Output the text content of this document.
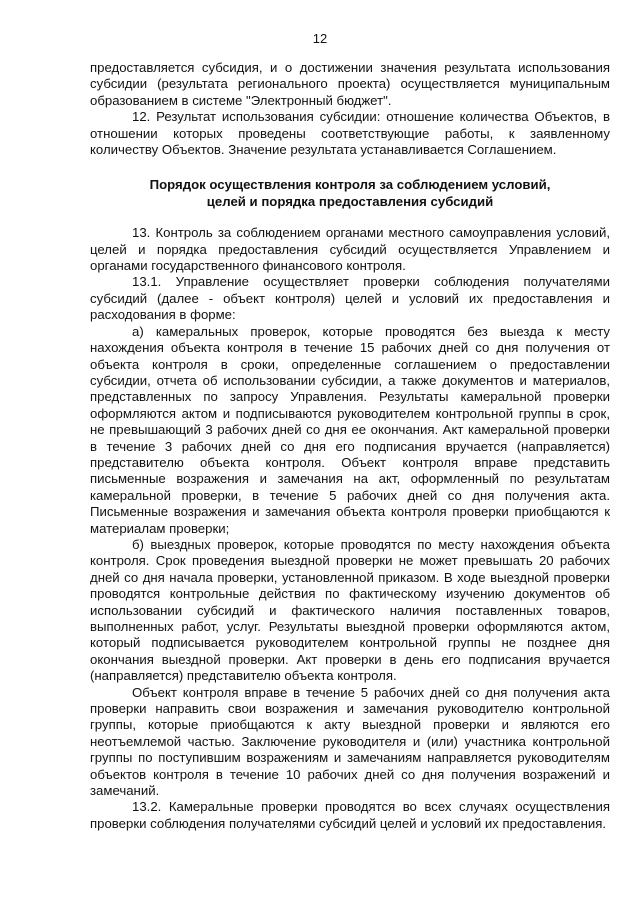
12

предоставляется субсидия, и о достижении значения результата использования субсидии (результата регионального проекта) осуществляется муниципальным образованием в системе "Электронный бюджет".

12. Результат использования субсидии: отношение количества Объектов, в отношении которых проведены соответствующие работы, к заявленному количеству Объектов. Значение результата устанавливается Соглашением.

Порядок осуществления контроля за соблюдением условий,
целей и порядка предоставления субсидий

13. Контроль за соблюдением органами местного самоуправления условий, целей и порядка предоставления субсидий осуществляется Управлением и органами государственного финансового контроля.

13.1. Управление осуществляет проверки соблюдения получателями субсидий (далее - объект контроля) целей и условий их предоставления и расходования в форме:

а) камеральных проверок, которые проводятся без выезда к месту нахождения объекта контроля в течение 15 рабочих дней со дня получения от объекта контроля в сроки, определенные соглашением о предоставлении субсидии, отчета об использовании субсидии, а также документов и материалов, представленных по запросу Управления. Результаты камеральной проверки оформляются актом и подписываются руководителем контрольной группы в срок, не превышающий 3 рабочих дней со дня ее окончания. Акт камеральной проверки в течение 3 рабочих дней со дня его подписания вручается (направляется) представителю объекта контроля. Объект контроля вправе представить письменные возражения и замечания на акт, оформленный по результатам камеральной проверки, в течение 5 рабочих дней со дня получения акта. Письменные возражения и замечания объекта контроля проверки приобщаются к материалам проверки;

б) выездных проверок, которые проводятся по месту нахождения объекта контроля. Срок проведения выездной проверки не может превышать 20 рабочих дней со дня начала проверки, установленной приказом. В ходе выездной проверки проводятся контрольные действия по фактическому изучению документов об использовании субсидий и фактического наличия поставленных товаров, выполненных работ, услуг. Результаты выездной проверки оформляются актом, который подписывается руководителем контрольной группы не позднее дня окончания выездной проверки. Акт проверки в день его подписания вручается (направляется) представителю объекта контроля.

Объект контроля вправе в течение 5 рабочих дней со дня получения акта проверки направить свои возражения и замечания руководителю контрольной группы, которые приобщаются к акту выездной проверки и являются его неотъемлемой частью. Заключение руководителя и (или) участника контрольной группы по поступившим возражениям и замечаниям направляется руководителям объектов контроля в течение 10 рабочих дней со дня получения возражений и замечаний.

13.2. Камеральные проверки проводятся во всех случаях осуществления проверки соблюдения получателями субсидий целей и условий их предоставления.
